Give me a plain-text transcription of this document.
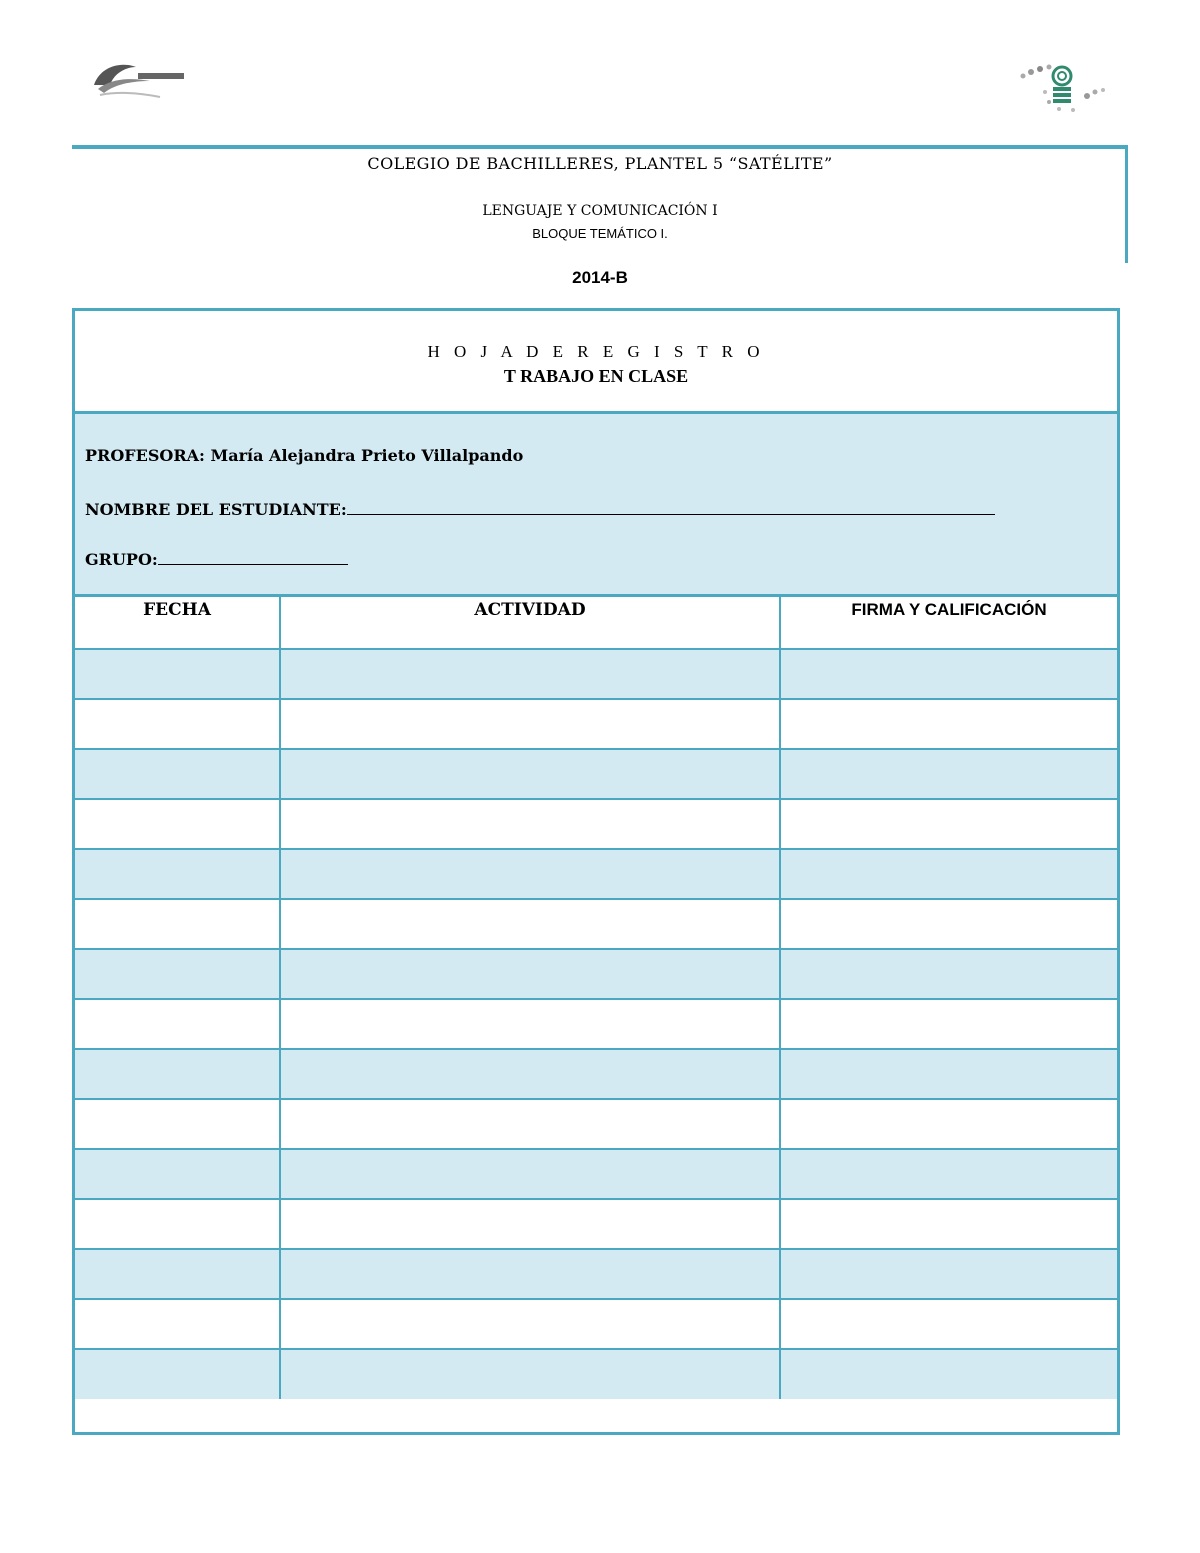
COLEGIO DE BACHILLERES, PLANTEL 5 “SATÉLITE”
LENGUAJE Y COMUNICACIÓN I
BLOQUE TEMÁTICO I.
2014-B
H O J A D E R E G I S T R O
T RABAJO EN CLASE
PROFESORA: María Alejandra Prieto Villalpando
NOMBRE DEL ESTUDIANTE:
GRUPO:
FECHA	ACTIVIDAD	FIRMA Y CALIFICACIÓN
